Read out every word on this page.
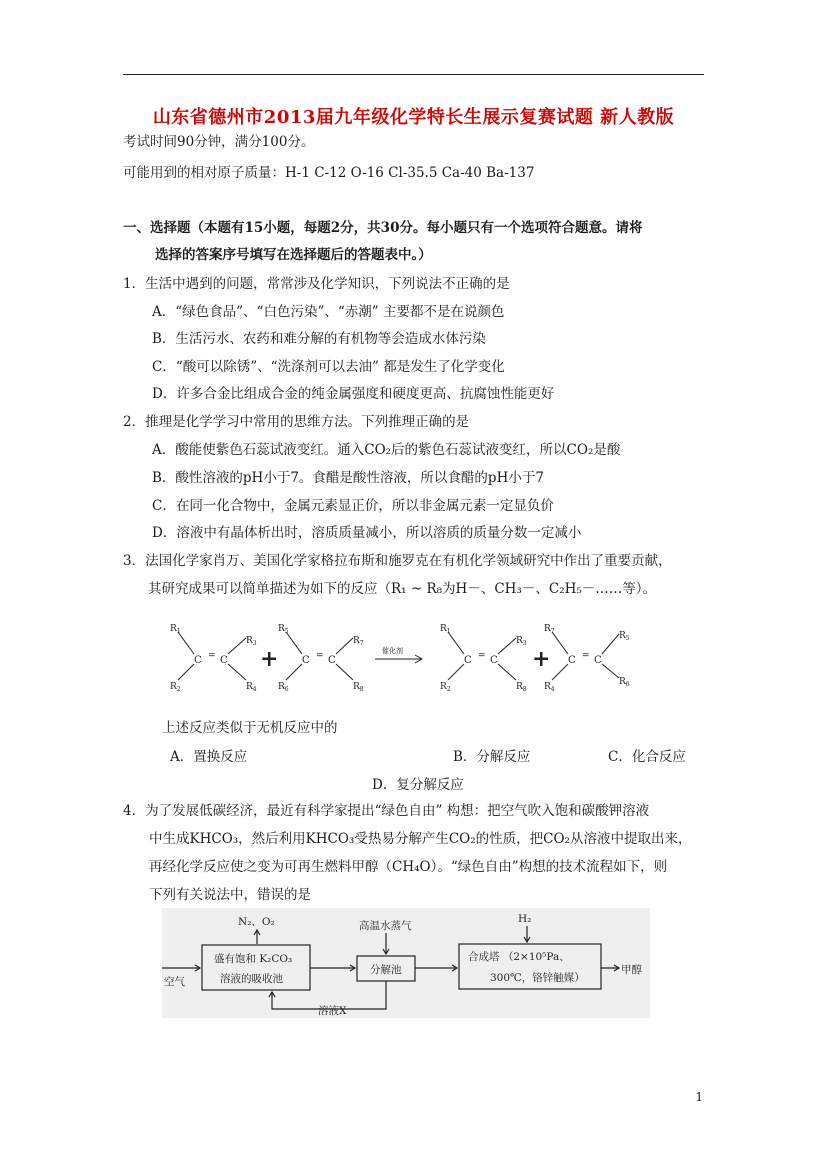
山东省德州市2013届九年级化学特长生展示复赛试题 新人教版
考试时间90分钟，满分100分。
可能用到的相对原子质量：H-1 C-12 O-16 Cl-35.5 Ca-40 Ba-137
一、选择题（本题有15小题，每题2分，共30分。每小题只有一个选项符合题意。请将
选择的答案序号填写在选择题后的答题表中。）
1．生活中遇到的问题，常常涉及化学知识，下列说法不正确的是
A．“绿色食品”、“白色污染”、“赤潮” 主要都不是在说颜色
B．生活污水、农药和难分解的有机物等会造成水体污染
C．“酸可以除锈”、“洗涤剂可以去油” 都是发生了化学变化
D．许多合金比组成合金的纯金属强度和硬度更高、抗腐蚀性能更好
2．推理是化学学习中常用的思维方法。下列推理正确的是
A．酸能使紫色石蕊试液变红。通入CO₂后的紫色石蕊试液变红，所以CO₂是酸
B．酸性溶液的pH小于7。食醋是酸性溶液，所以食醋的pH小于7
C．在同一化合物中，金属元素显正价，所以非金属元素一定显负价
D．溶液中有晶体析出时，溶质质量减小，所以溶质的质量分数一定减小
3．法国化学家肖万、美国化学家格拉布斯和施罗克在有机化学领域研究中作出了重要贡献，
其研究成果可以简单描述为如下的反应（R₁ ~ R₈为H－、CH₃－、C₂H₅－……等）。
$R_1$
$R_2$
$R_3$
$R_4$
$R_5$
$R_6$
$R_7$
$R_8$
$R_1$
$R_2$
$R_3$
$R_8$
$R_7$
$R_4$
$R_5$
$R_6$
C = C	C = C	C = C	C = C
+	+
催化剂
上述反应类似于无机反应中的
A．置换反应	B．分解反应	C．化合反应
D．复分解反应
4．为了发展低碳经济，最近有科学家提出“绿色自由” 构想：把空气吹入饱和碳酸钾溶液
中生成KHCO₃，然后利用KHCO₃受热易分解产生CO₂的性质，把CO₂从溶液中提取出来，
再经化学反应使之变为可再生燃料甲醇（CH₄O）。“绿色自由”构想的技术流程如下，则
下列有关说法中，错误的是
N₂、O₂	高温水蒸气
H₂
盛有饱和 K₂CO₃
溶液的吸收池
空气
分解池
合成塔 （2×10⁵Pa、
300℃，铬锌触媒）
甲醇
溶液X
1
